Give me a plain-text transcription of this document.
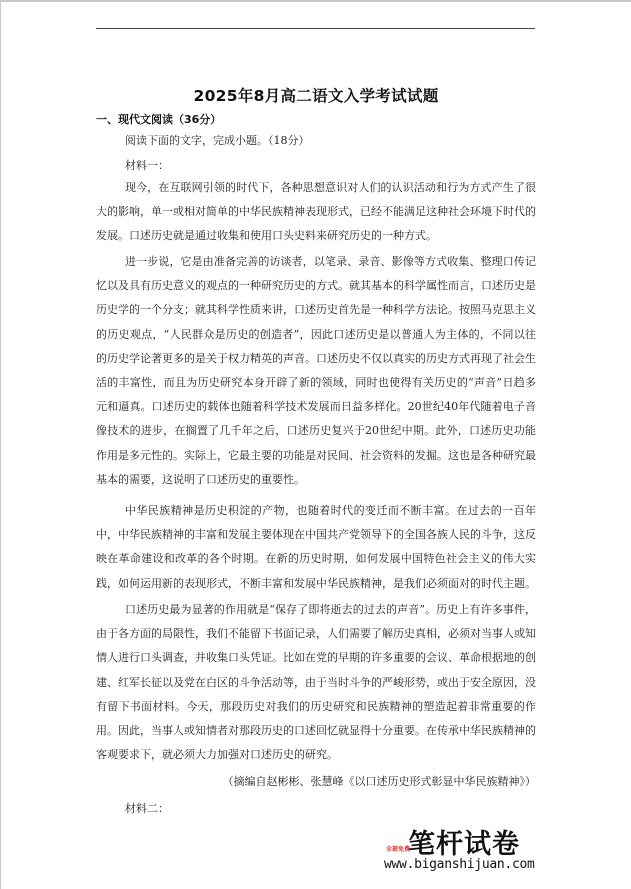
2025年8月高二语文入学考试试题
一、现代文阅读（36分）
阅读下面的文字，完成小题。（18分）
材料一：
现今，在互联网引领的时代下，各种思想意识对人们的认识活动和行为方式产生了很大的影响，单一或相对简单的中华民族精神表现形式，已经不能满足这种社会环境下时代的发展。口述历史就是通过收集和使用口头史料来研究历史的一种方式。
进一步说，它是由准备完善的访谈者，以笔录、录音、影像等方式收集、整理口传记忆以及具有历史意义的观点的一种研究历史的方式。就其基本的科学属性而言，口述历史是历史学的一个分支；就其科学性质来讲，口述历史首先是一种科学方法论。按照马克思主义的历史观点，“人民群众是历史的创造者”，因此口述历史是以普通人为主体的，不同以往的历史学论著更多的是关于权力精英的声音。口述历史不仅以真实的历史方式再现了社会生活的丰富性，而且为历史研究本身开辟了新的领域，同时也使得有关历史的“声音”日趋多元和逼真。口述历史的载体也随着科学技术发展而日益多样化。20世纪40年代随着电子音像技术的进步，在搁置了几千年之后，口述历史复兴于20世纪中期。此外，口述历史功能作用是多元性的。实际上，它最主要的功能是对民间、社会资料的发掘。这也是各种研究最基本的需要，这说明了口述历史的重要性。
中华民族精神是历史积淀的产物，也随着时代的变迁而不断丰富。在过去的一百年中，中华民族精神的丰富和发展主要体现在中国共产党领导下的全国各族人民的斗争，这反映在革命建设和改革的各个时期。在新的历史时期，如何发展中国特色社会主义的伟大实践，如何运用新的表现形式，不断丰富和发展中华民族精神，是我们必须面对的时代主题。
口述历史最为显著的作用就是“保存了即将逝去的过去的声音”。历史上有许多事件，由于各方面的局限性，我们不能留下书面记录，人们需要了解历史真相，必须对当事人或知情人进行口头调查，并收集口头凭证。比如在党的早期的许多重要的会议、革命根据地的创建、红军长征以及党在白区的斗争活动等，由于当时斗争的严峻形势，或出于安全原因，没有留下书面材料。今天，那段历史对我们的历史研究和民族精神的塑造起着非常重要的作用。因此，当事人或知情者对那段历史的口述回忆就显得十分重要。在传承中华民族精神的客观要求下，就必须大力加强对口述历史的研究。
（摘编自赵彬彬、张慧峰《以口述历史形式彰显中华民族精神》）
材料二：
全部免费
笔杆试卷
www.biganshijuan.com
